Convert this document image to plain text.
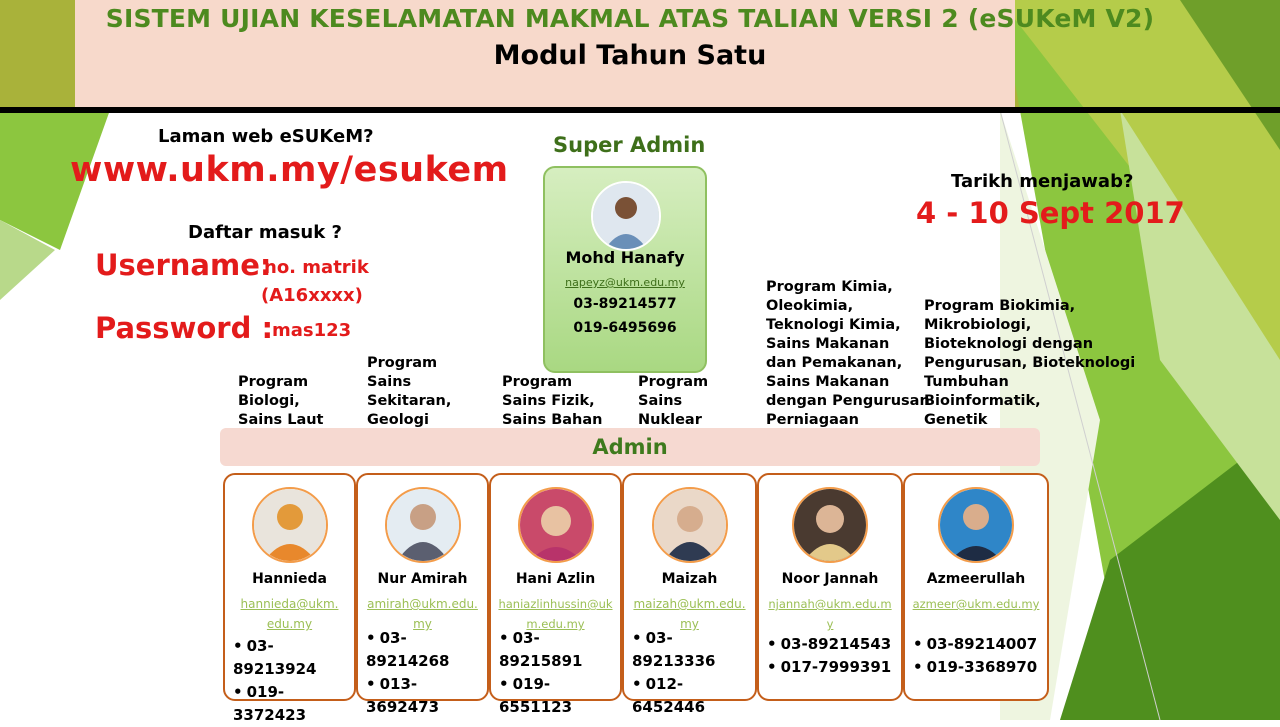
SISTEM UJIAN KESELAMATAN MAKMAL ATAS TALIAN VERSI 2 (eSUKeM V2)
Modul Tahun Satu
Laman web eSUKeM?
www.ukm.my/esukem
Daftar masuk ?
Username:
no. matrik
(A16xxxx)
Password :
mas123
Tarikh menjawab?
4 - 10 Sept 2017
Super Admin
Mohd Hanafy
napeyz@ukm.edu.my
03-89214577
019-6495696
Program
Biologi,
Sains Laut
Program
Sains
Sekitaran,
Geologi
Program
Sains Fizik,
Sains Bahan
Program
Sains
Nuklear
Program Kimia,
Oleokimia,
Teknologi Kimia,
Sains Makanan
dan Pemakanan,
Sains Makanan
dengan Pengurusan
Perniagaan
Program Biokimia,
Mikrobiologi,
Bioteknologi dengan
Pengurusan, Bioteknologi
Tumbuhan
Bioinformatik,
Genetik
Admin
Hannieda
hannieda@ukm.edu.my
• 03-89213924
• 019-3372423
Nur Amirah
amirah@ukm.edu.my
• 03-89214268
• 013-3692473
Hani Azlin
haniazlinhussin@ukm.edu.my
• 03-89215891
• 019-6551123
Maizah
maizah@ukm.edu.my
• 03-89213336
• 012-6452446
Noor Jannah
njannah@ukm.edu.my
• 03-89214543
• 017-7999391
Azmeerullah
azmeer@ukm.edu.my
• 03-89214007
• 019-3368970
